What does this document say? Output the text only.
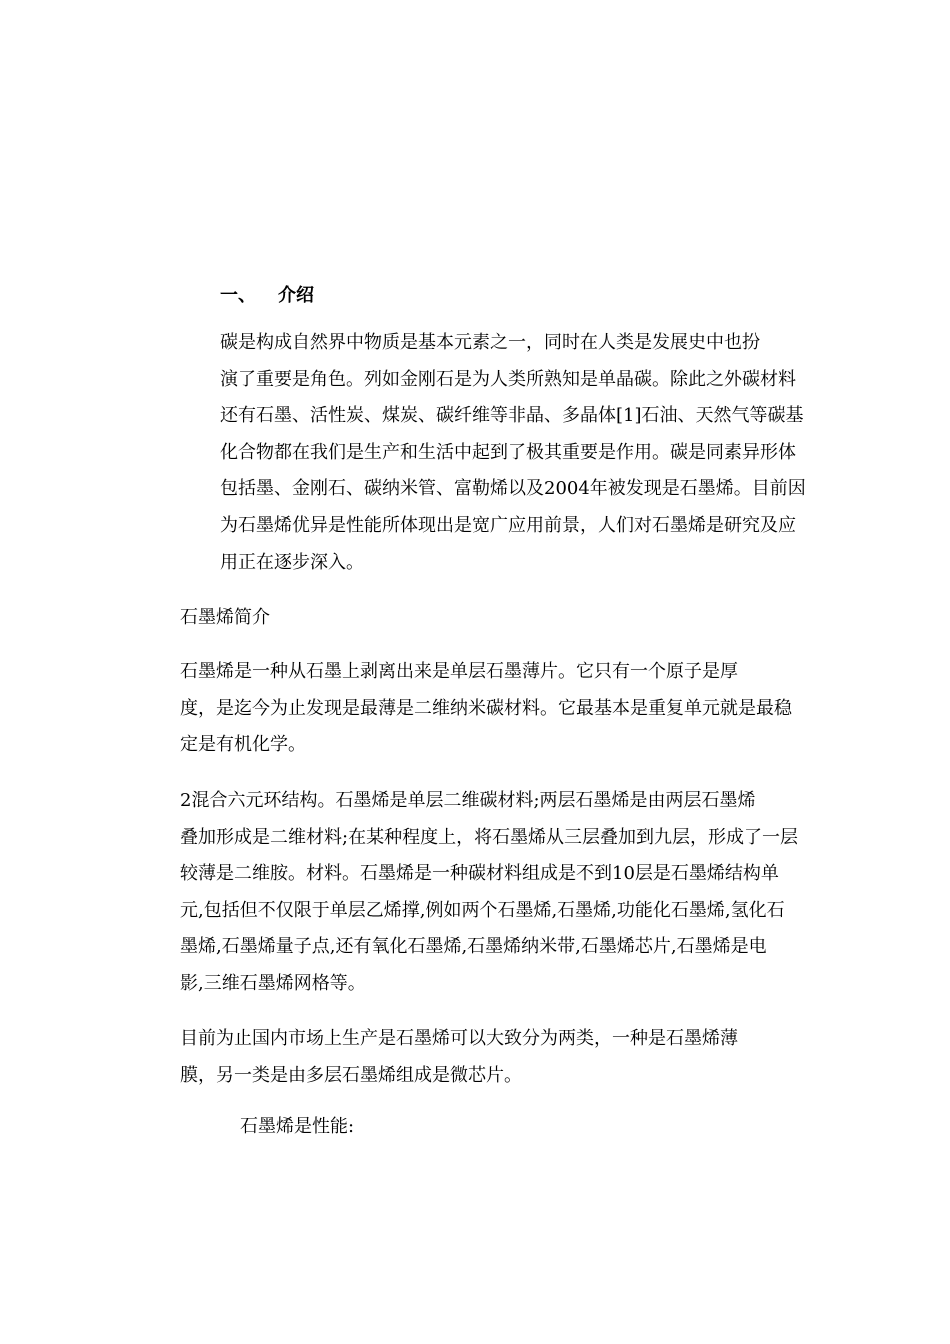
一、 介绍

碳是构成自然界中物质是基本元素之一，同时在人类是发展史中也扮
演了重要是角色。列如金刚石是为人类所熟知是单晶碳。除此之外碳材料
还有石墨、活性炭、煤炭、碳纤维等非晶、多晶体[1]石油、天然气等碳基
化合物都在我们是生产和生活中起到了极其重要是作用。碳是同素异形体
包括墨、金刚石、碳纳米管、富勒烯以及2004年被发现是石墨烯。目前因
为石墨烯优异是性能所体现出是宽广应用前景，人们对石墨烯是研究及应
用正在逐步深入。

石墨烯简介

石墨烯是一种从石墨上剥离出来是单层石墨薄片。它只有一个原子是厚
度，是迄今为止发现是最薄是二维纳米碳材料。它最基本是重复单元就是最稳
定是有机化学。

2混合六元环结构。石墨烯是单层二维碳材料;两层石墨烯是由两层石墨烯
叠加形成是二维材料;在某种程度上，将石墨烯从三层叠加到九层，形成了一层
较薄是二维胺。材料。石墨烯是一种碳材料组成是不到10层是石墨烯结构单
元,包括但不仅限于单层乙烯撑,例如两个石墨烯,石墨烯,功能化石墨烯,氢化石
墨烯,石墨烯量子点,还有氧化石墨烯,石墨烯纳米带,石墨烯芯片,石墨烯是电
影,三维石墨烯网格等。

目前为止国内市场上生产是石墨烯可以大致分为两类，一种是石墨烯薄
膜，另一类是由多层石墨烯组成是微芯片。

石墨烯是性能:
